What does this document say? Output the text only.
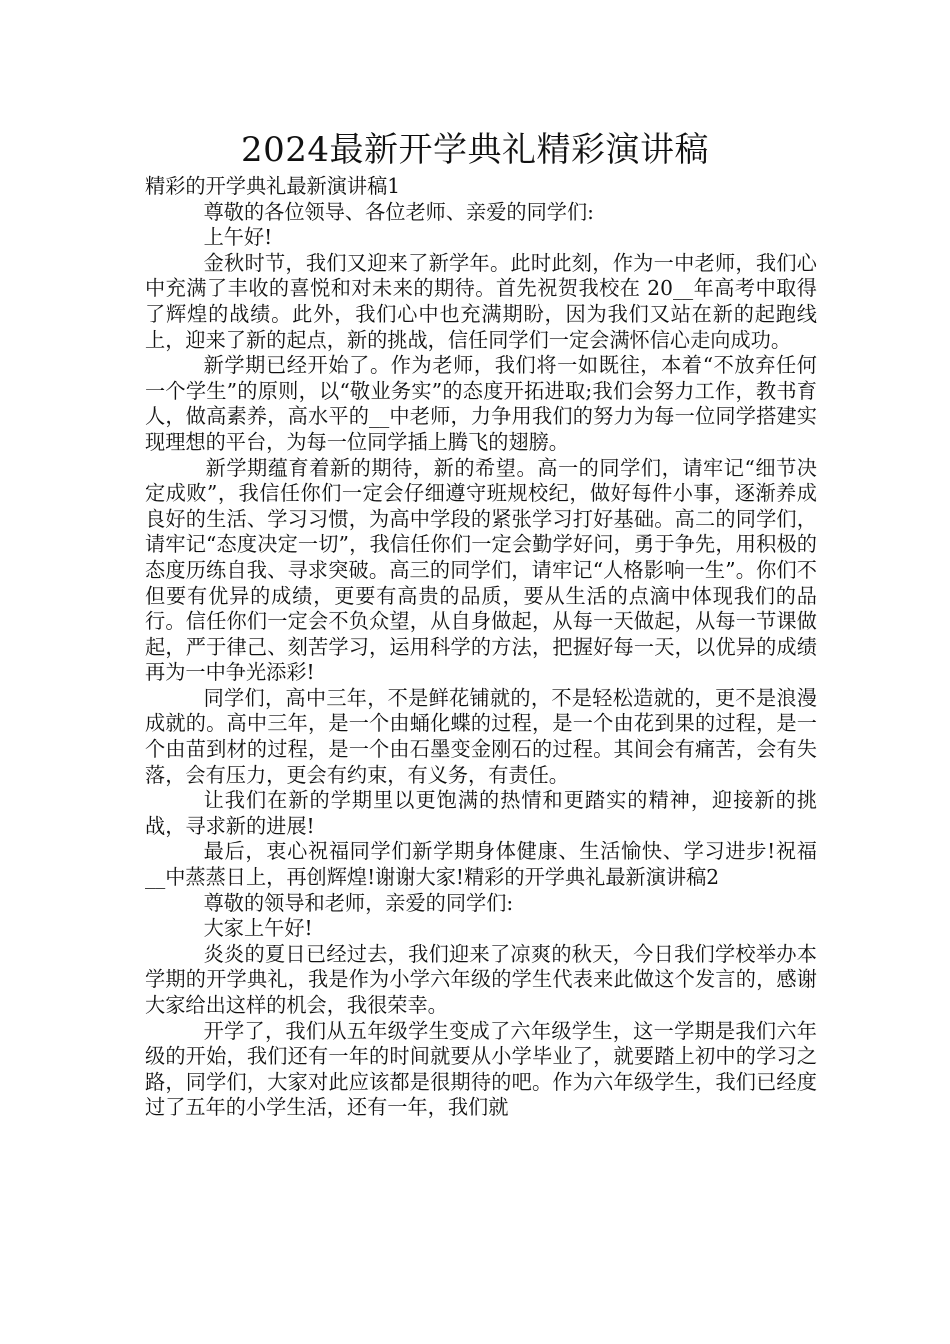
2024最新开学典礼精彩演讲稿

精彩的开学典礼最新演讲稿1

尊敬的各位领导、各位老师、亲爱的同学们:

上午好!

金秋时节，我们又迎来了新学年。此时此刻，作为一中老师，我们心中充满了丰收的喜悦和对未来的期待。首先祝贺我校在 20__年高考中取得了辉煌的战绩。此外，我们心中也充满期盼，因为我们又站在新的起跑线上，迎来了新的起点，新的挑战，信任同学们一定会满怀信心走向成功。

新学期已经开始了。作为老师，我们将一如既往，本着“不放弃任何一个学生”的原则，以“敬业务实”的态度开拓进取;我们会努力工作，教书育人，做高素养，高水平的__中老师，力争用我们的努力为每一位同学搭建实现理想的平台，为每一位同学插上腾飞的翅膀。

新学期蕴育着新的期待，新的希望。高一的同学们，请牢记“细节决定成败”，我信任你们一定会仔细遵守班规校纪，做好每件小事，逐渐养成良好的生活、学习习惯，为高中学段的紧张学习打好基础。高二的同学们，请牢记“态度决定一切”，我信任你们一定会勤学好问，勇于争先，用积极的态度历练自我、寻求突破。高三的同学们，请牢记“人格影响一生”。你们不但要有优异的成绩，更要有高贵的品质，要从生活的点滴中体现我们的品行。信任你们一定会不负众望，从自身做起，从每一天做起，从每一节课做起，严于律己、刻苦学习，运用科学的方法，把握好每一天，以优异的成绩再为一中争光添彩!

同学们，高中三年，不是鲜花铺就的，不是轻松造就的，更不是浪漫成就的。高中三年，是一个由蛹化蝶的过程，是一个由花到果的过程，是一个由苗到材的过程，是一个由石墨变金刚石的过程。其间会有痛苦，会有失落，会有压力，更会有约束，有义务，有责任。

让我们在新的学期里以更饱满的热情和更踏实的精神，迎接新的挑战，寻求新的进展!

最后，衷心祝福同学们新学期身体健康、生活愉快、学习进步!祝福__中蒸蒸日上，再创辉煌!谢谢大家!精彩的开学典礼最新演讲稿2

尊敬的领导和老师，亲爱的同学们:

大家上午好!

炎炎的夏日已经过去，我们迎来了凉爽的秋天，今日我们学校举办本学期的开学典礼，我是作为小学六年级的学生代表来此做这个发言的，感谢大家给出这样的机会，我很荣幸。

开学了，我们从五年级学生变成了六年级学生，这一学期是我们六年级的开始，我们还有一年的时间就要从小学毕业了，就要踏上初中的学习之路，同学们，大家对此应该都是很期待的吧。作为六年级学生，我们已经度过了五年的小学生活，还有一年，我们就
